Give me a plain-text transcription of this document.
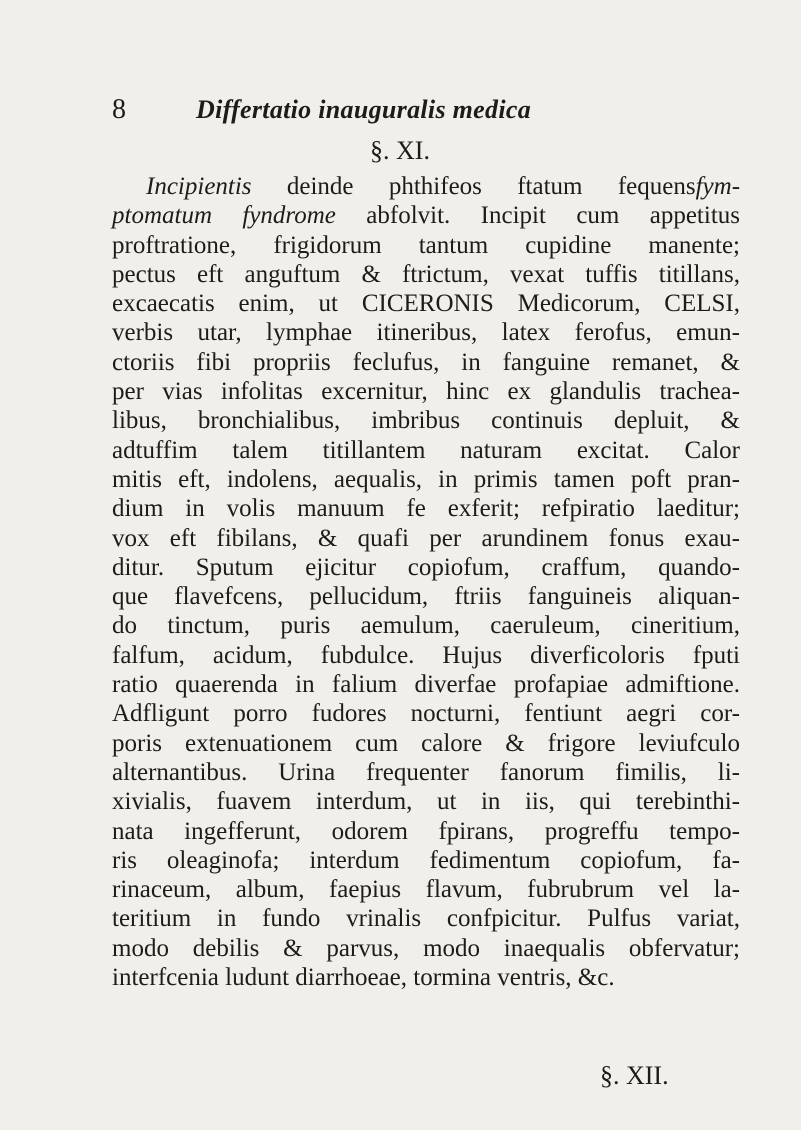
8	Differtatio inauguralis medica
§. XI.
Incipientis deinde phthifeos ftatum fequensfym-
ptomatum fyndrome abfolvit. Incipit cum appetitus
proftratione, frigidorum tantum cupidine manente;
pectus eft anguftum & ftrictum, vexat tuffis titillans,
excaecatis enim, ut CICERONIS Medicorum, CELSI,
verbis utar, lymphae itineribus, latex ferofus, emun-
ctoriis fibi propriis feclufus, in fanguine remanet, &
per vias infolitas excernitur, hinc ex glandulis trachea-
libus, bronchialibus, imbribus continuis depluit, &
adtuffim talem titillantem naturam excitat. Calor
mitis eft, indolens, aequalis, in primis tamen poft pran-
dium in volis manuum fe exferit; refpiratio laeditur;
vox eft fibilans, & quafi per arundinem fonus exau-
ditur. Sputum ejicitur copiofum, craffum, quando-
que flavefcens, pellucidum, ftriis fanguineis aliquan-
do tinctum, puris aemulum, caeruleum, cineritium,
falfum, acidum, fubdulce. Hujus diverficoloris fputi
ratio quaerenda in falium diverfae profapiae admiftione.
Adfligunt porro fudores nocturni, fentiunt aegri cor-
poris extenuationem cum calore & frigore leviufculo
alternantibus. Urina frequenter fanorum fimilis, li-
xivialis, fuavem interdum, ut in iis, qui terebinthi-
nata ingefferunt, odorem fpirans, progreffu tempo-
ris oleaginofa; interdum fedimentum copiofum, fa-
rinaceum, album, faepius flavum, fubrubrum vel la-
teritium in fundo vrinalis confpicitur. Pulfus variat,
modo debilis & parvus, modo inaequalis obfervatur;
interfcenia ludunt diarrhoeae, tormina ventris, &c.
§. XII.
